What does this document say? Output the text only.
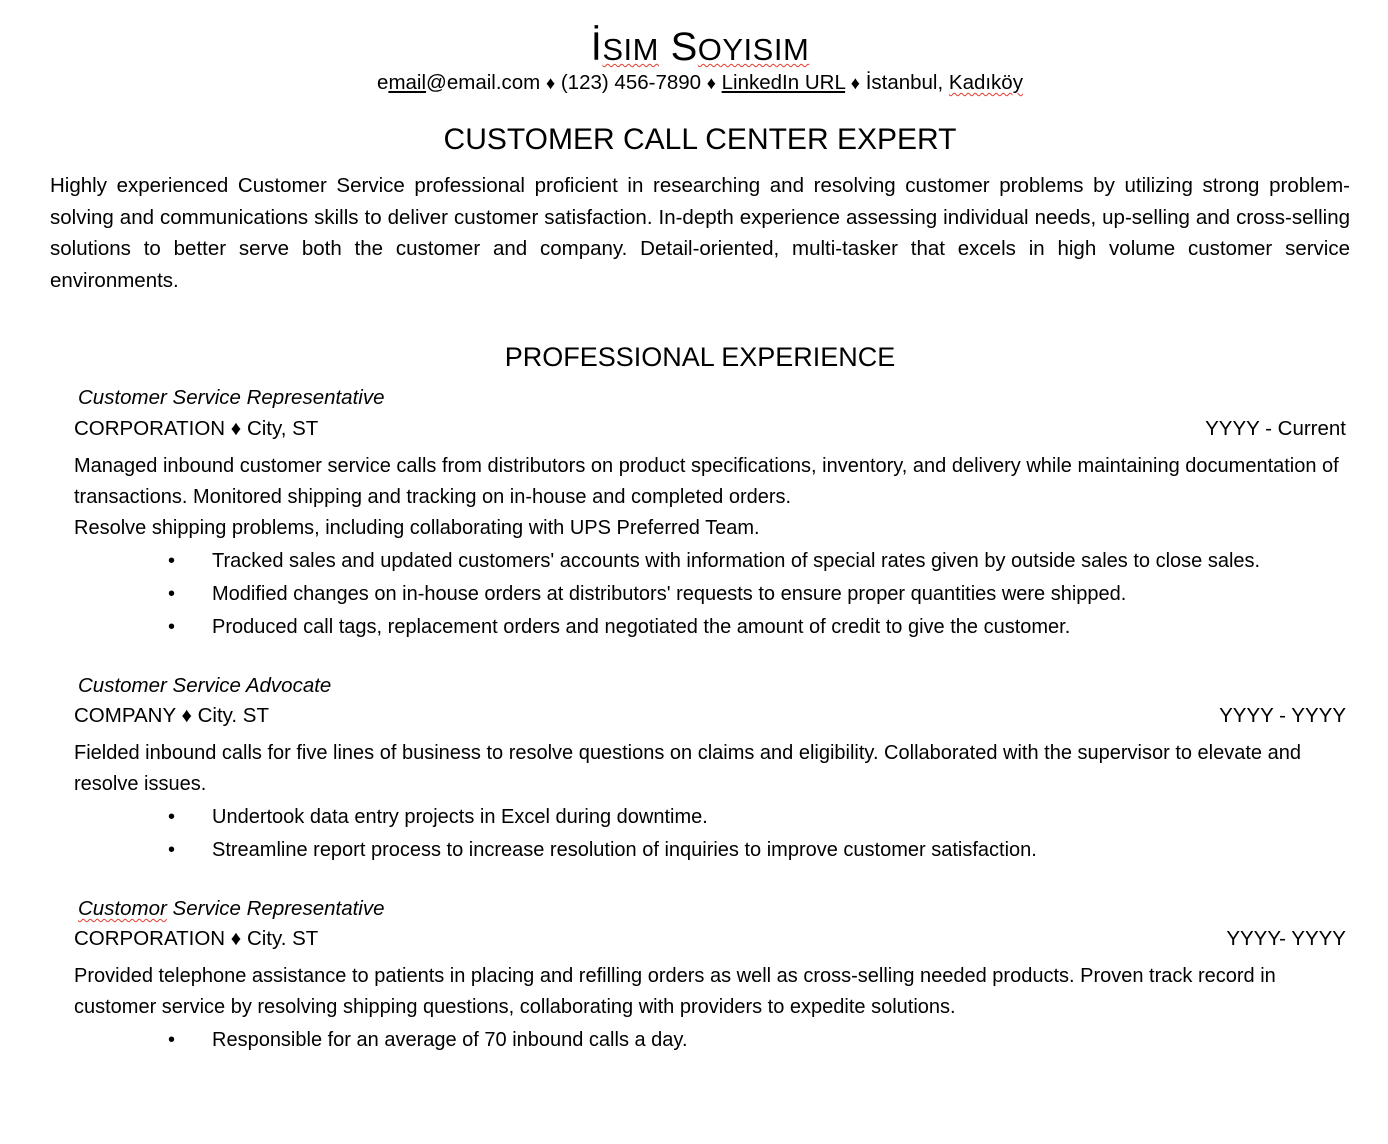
İSIM SOYISIM
email@email.com ♦ (123) 456-7890 ♦ LinkedIn URL ♦ İstanbul, Kadıköy
CUSTOMER CALL CENTER EXPERT
Highly experienced Customer Service professional proficient in researching and resolving customer problems by utilizing strong problem-solving and communications skills to deliver customer satisfaction. In-depth experience assessing individual needs, up-selling and cross-selling solutions to better serve both the customer and company. Detail-oriented, multi-tasker that excels in high volume customer service environments.
PROFESSIONAL EXPERIENCE
Customer Service Representative
CORPORATION ♦ City, ST	YYYY - Current

Managed inbound customer service calls from distributors on product specifications, inventory, and delivery while maintaining documentation of transactions. Monitored shipping and tracking on in-house and completed orders.

Resolve shipping problems, including collaborating with UPS Preferred Team.

• Tracked sales and updated customers' accounts with information of special rates given by outside sales to close sales.
• Modified changes on in-house orders at distributors' requests to ensure proper quantities were shipped.
• Produced call tags, replacement orders and negotiated the amount of credit to give the customer.
Customer Service Advocate
COMPANY ♦ City. ST	YYYY - YYYY

Fielded inbound calls for five lines of business to resolve questions on claims and eligibility. Collaborated with the supervisor to elevate and resolve issues.

• Undertook data entry projects in Excel during downtime.
• Streamline report process to increase resolution of inquiries to improve customer satisfaction.
Customor Service Representative
CORPORATION ♦ City. ST	YYYY- YYYY

Provided telephone assistance to patients in placing and refilling orders as well as cross-selling needed products. Proven track record in customer service by resolving shipping questions, collaborating with providers to expedite solutions.

• Responsible for an average of 70 inbound calls a day.
